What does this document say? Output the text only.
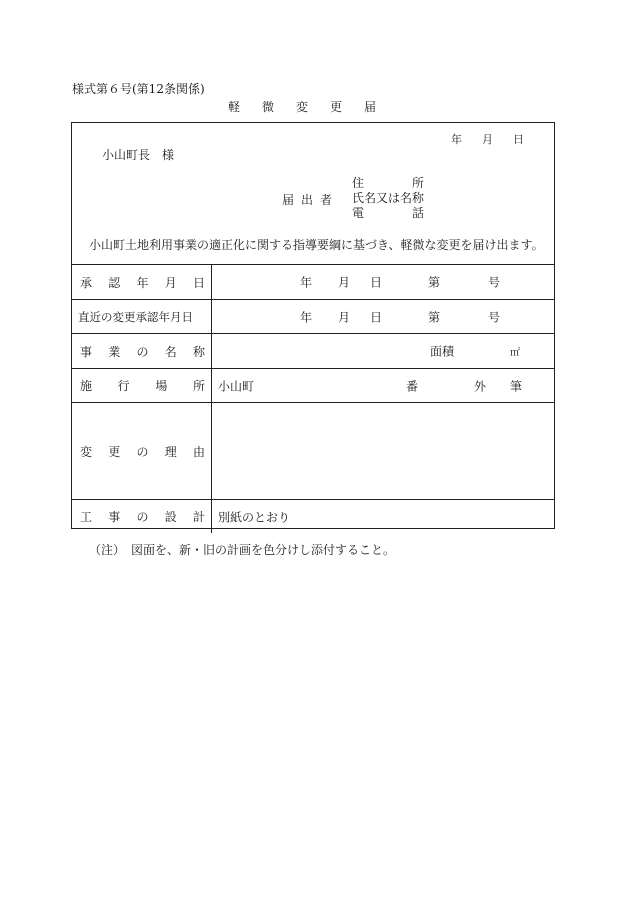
様式第６号(第12条関係)
軽微変更届
年 月 日
小山町長　様
届出者
住	所
氏名又は名称
電	話
小山町土地利用事業の適正化に関する指導要綱に基づき、軽微な変更を届け出ます。
承 認 年 月 日	年 月 日	第	号
直近の変更承認年月日	年 月 日	第	号
事 業 の 名 称	面積	㎡
施 行 場 所 小山町	番	外 筆
変 更 の 理 由
工 事 の 設 計 別紙のとおり
（注）　図面を、新・旧の計画を色分けし添付すること。
